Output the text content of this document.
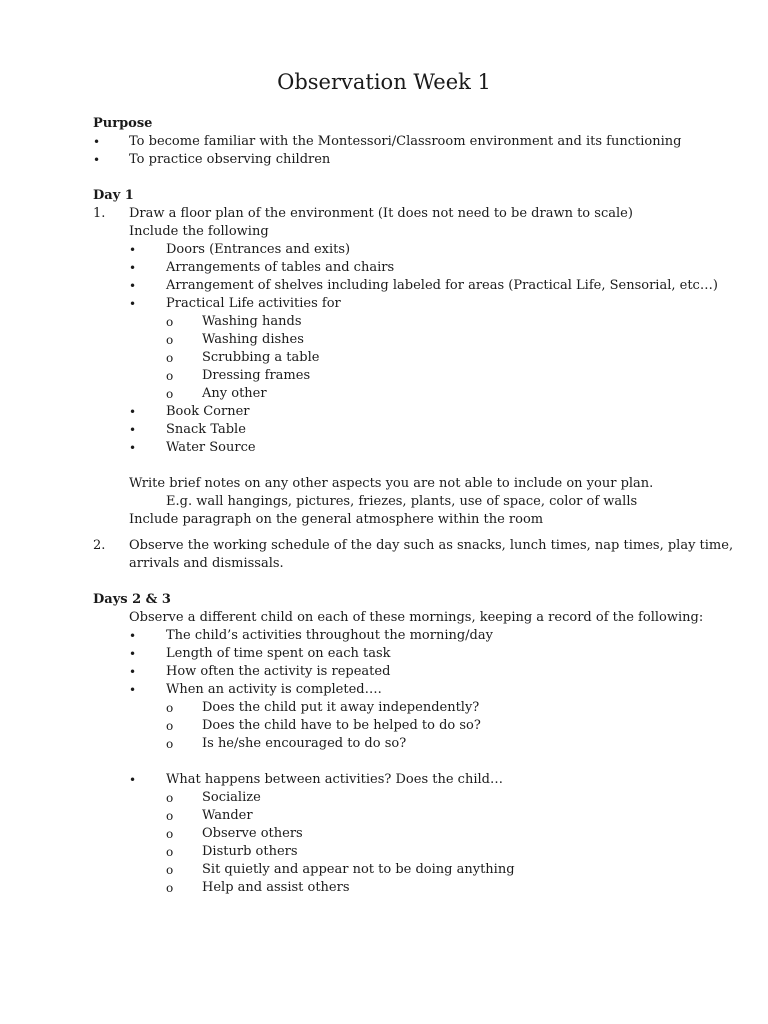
Observation Week 1
Purpose
• To become familiar with the Montessori/Classroom environment and its functioning
• To practice observing children
Day 1
1. Draw a floor plan of the environment (It does not need to be drawn to scale)
Include the following
• Doors (Entrances and exits)
• Arrangements of tables and chairs
• Arrangement of shelves including labeled for areas (Practical Life, Sensorial, etc…)
• Practical Life activities for
o Washing hands
o Washing dishes
o Scrubbing a table
o Dressing frames
o Any other
• Book Corner
• Snack Table
• Water Source
Write brief notes on any other aspects you are not able to include on your plan.
E.g. wall hangings, pictures, friezes, plants, use of space, color of walls
Include paragraph on the general atmosphere within the room
2. Observe the working schedule of the day such as snacks, lunch times, nap times, play time,
arrivals and dismissals.
Days 2 & 3
Observe a different child on each of these mornings, keeping a record of the following:
• The child’s activities throughout the morning/day
• Length of time spent on each task
• How often the activity is repeated
• When an activity is completed….
o Does the child put it away independently?
o Does the child have to be helped to do so?
o Is he/she encouraged to do so?
• What happens between activities? Does the child…
o Socialize
o Wander
o Observe others
o Disturb others
o Sit quietly and appear not to be doing anything
o Help and assist others
